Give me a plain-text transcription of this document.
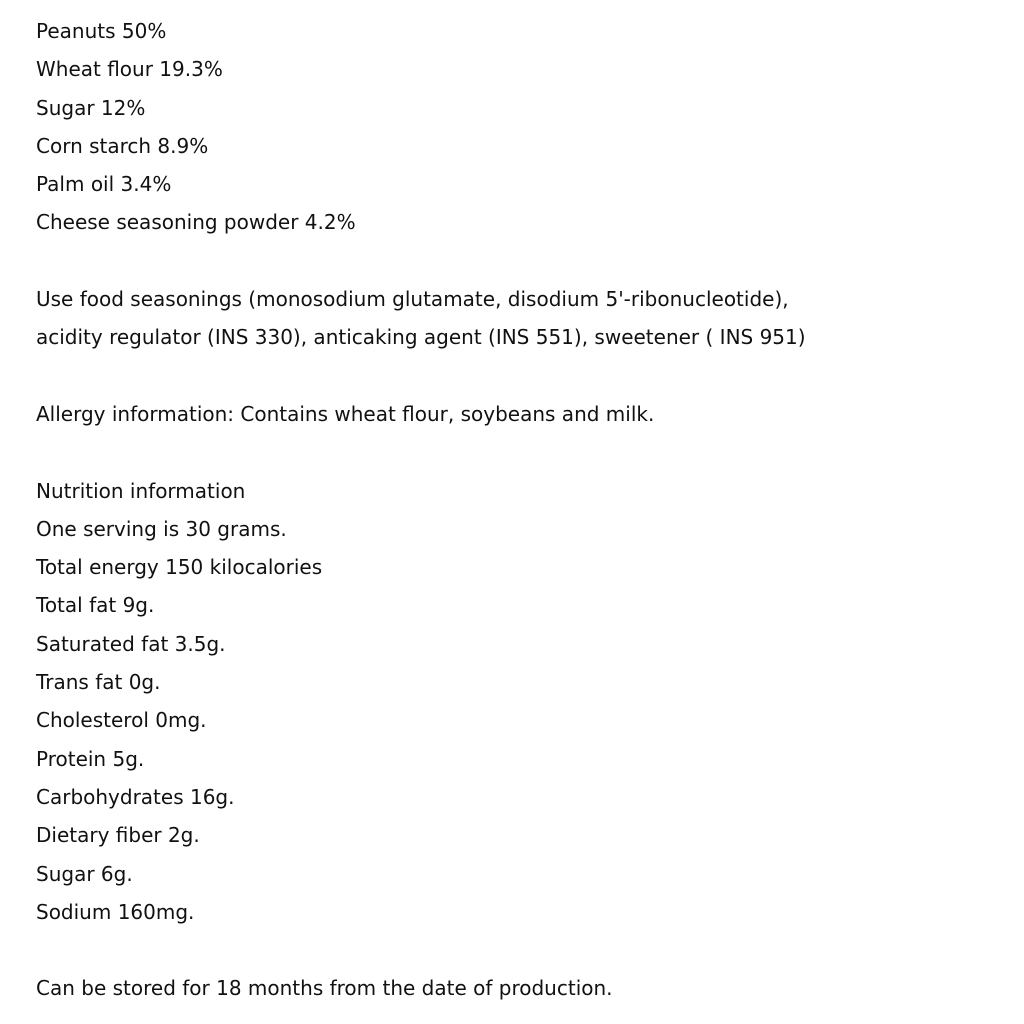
Peanuts 50%
Wheat flour 19.3%
Sugar 12%
Corn starch 8.9%
Palm oil 3.4%
Cheese seasoning powder 4.2%
Use food seasonings (monosodium glutamate, disodium 5'-ribonucleotide),
acidity regulator (INS 330), anticaking agent (INS 551), sweetener ( INS 951)
Allergy information: Contains wheat flour, soybeans and milk.
Nutrition information
One serving is 30 grams.
Total energy 150 kilocalories
Total fat 9g.
Saturated fat 3.5g.
Trans fat 0g.
Cholesterol 0mg.
Protein 5g.
Carbohydrates 16g.
Dietary fiber 2g.
Sugar 6g.
Sodium 160mg.
Can be stored for 18 months from the date of production.
